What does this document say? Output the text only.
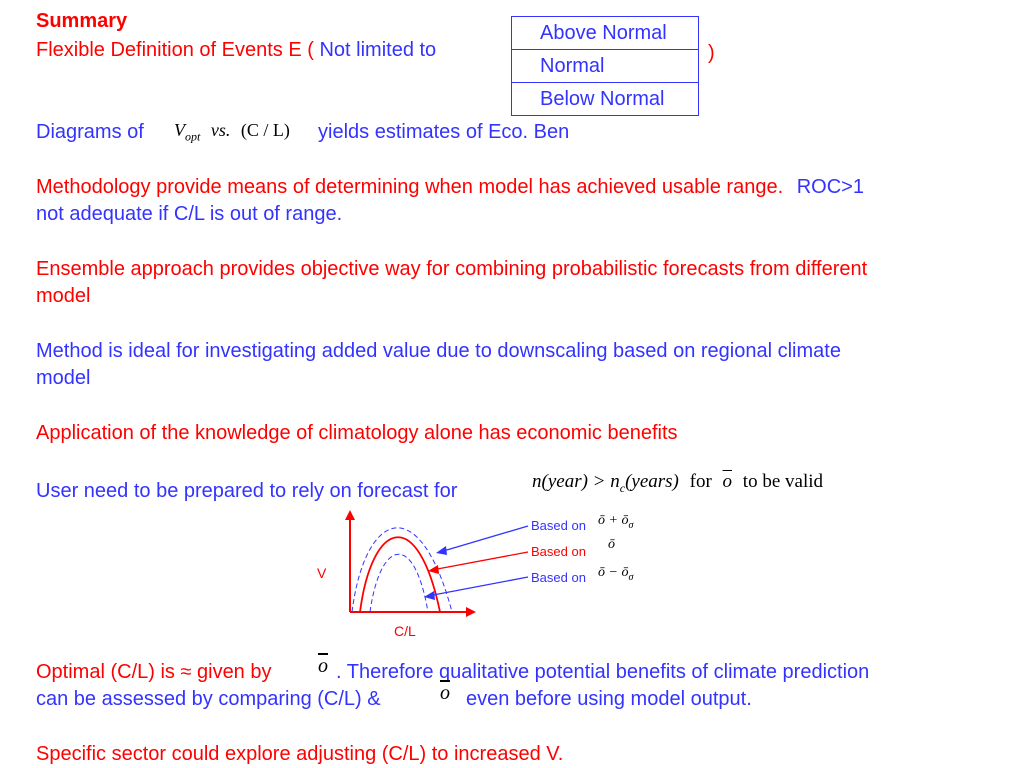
Summary
Flexible Definition of Events E ( Not limited to	)
Above Normal
Normal
Below Normal
Diagrams of $V_{opt}$ vs. (C / L) yields estimates of Eco. Ben
Methodology provide means of determining when model has achieved usable range. ROC>1
not adequate if C/L is out of range.
Ensemble approach provides objective way for combining probabilistic forecasts from different
model
Method is ideal for investigating added value due to downscaling based on regional climate
model
Application of the knowledge of climatology alone has economic benefits
User need to be prepared to rely on forecast for	n(year) > $n_c(years)$ for $\overline{o}$ to be valid
V
C/L
Based on
Based on
Based on
ō + $ō_\sigma$
ō
ō − $ō_\sigma$
Optimal (C/L) is ≈ given by $\overline{o}$ . Therefore qualitative potential benefits of climate prediction
can be assessed by comparing (C/L) &	$\overline{o}$ even before using model output.
Specific sector could explore adjusting (C/L) to increased V.
